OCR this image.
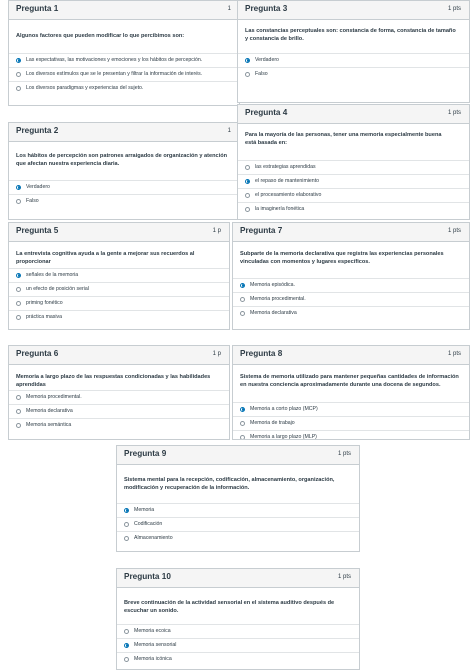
Pregunta 1	1
Algunos factores que pueden modificar lo que percibimos son:
Las expectativas, las motivaciones y emociones y los hábitos de percepción.
Los diversos estímulos que se le presentan y filtrar la información de interés.
Los diversos paradigmas y experiencias del sujeto.
Pregunta 3	1 pts
Las constancias perceptuales son: constancia de forma, constancia de tamaño y constancia de brillo.
Verdadero
Falso
Pregunta 2	1
Los hábitos de percepción son patrones arraigados de organización y atención que afectan nuestra experiencia diaria.
Verdadero
Falso
Pregunta 4	1 pts
Para la mayoría de las personas, tener una memoria especialmente buena está basada en:
las estrategias aprendidas
el repaso de mantenimiento
el procesamiento elaborativo
la imaginería fonética
Pregunta 5	1 p
La entrevista cognitiva ayuda a la gente a mejorar sus recuerdos al proporcionar
señales de la memoria
un efecto de posición serial
priming fonético
práctica masiva
Pregunta 7	1 pts
Subparte de la memoria declarativa que registra las experiencias personales vinculadas con momentos y lugares específicos.
Memoria episódica.
Memoria procedimental.
Memoria declarativa
Pregunta 6	1 p
Memoria a largo plazo de las respuestas condicionadas y las habilidades aprendidas
Memoria procedimental.
Memoria declarativa
Memoria semántica
Pregunta 8	1 pts
Sistema de memoria utilizado para mantener pequeñas cantidades de información en nuestra conciencia aproximadamente durante una docena de segundos.
Memoria a corto plazo (MCP)
Memoria de trabajo
Memoria a largo plazo (MLP)
Pregunta 9	1 pts
Sistema mental para la recepción, codificación, almacenamiento, organización, modificación y recuperación de la información.
Memoria
Codificación
Almacenamiento
Pregunta 10	1 pts
Breve continuación de la actividad sensorial en el sistema auditivo después de escuchar un sonido.
Memoria ecoica
Memoria sensorial
Memoria icónica
